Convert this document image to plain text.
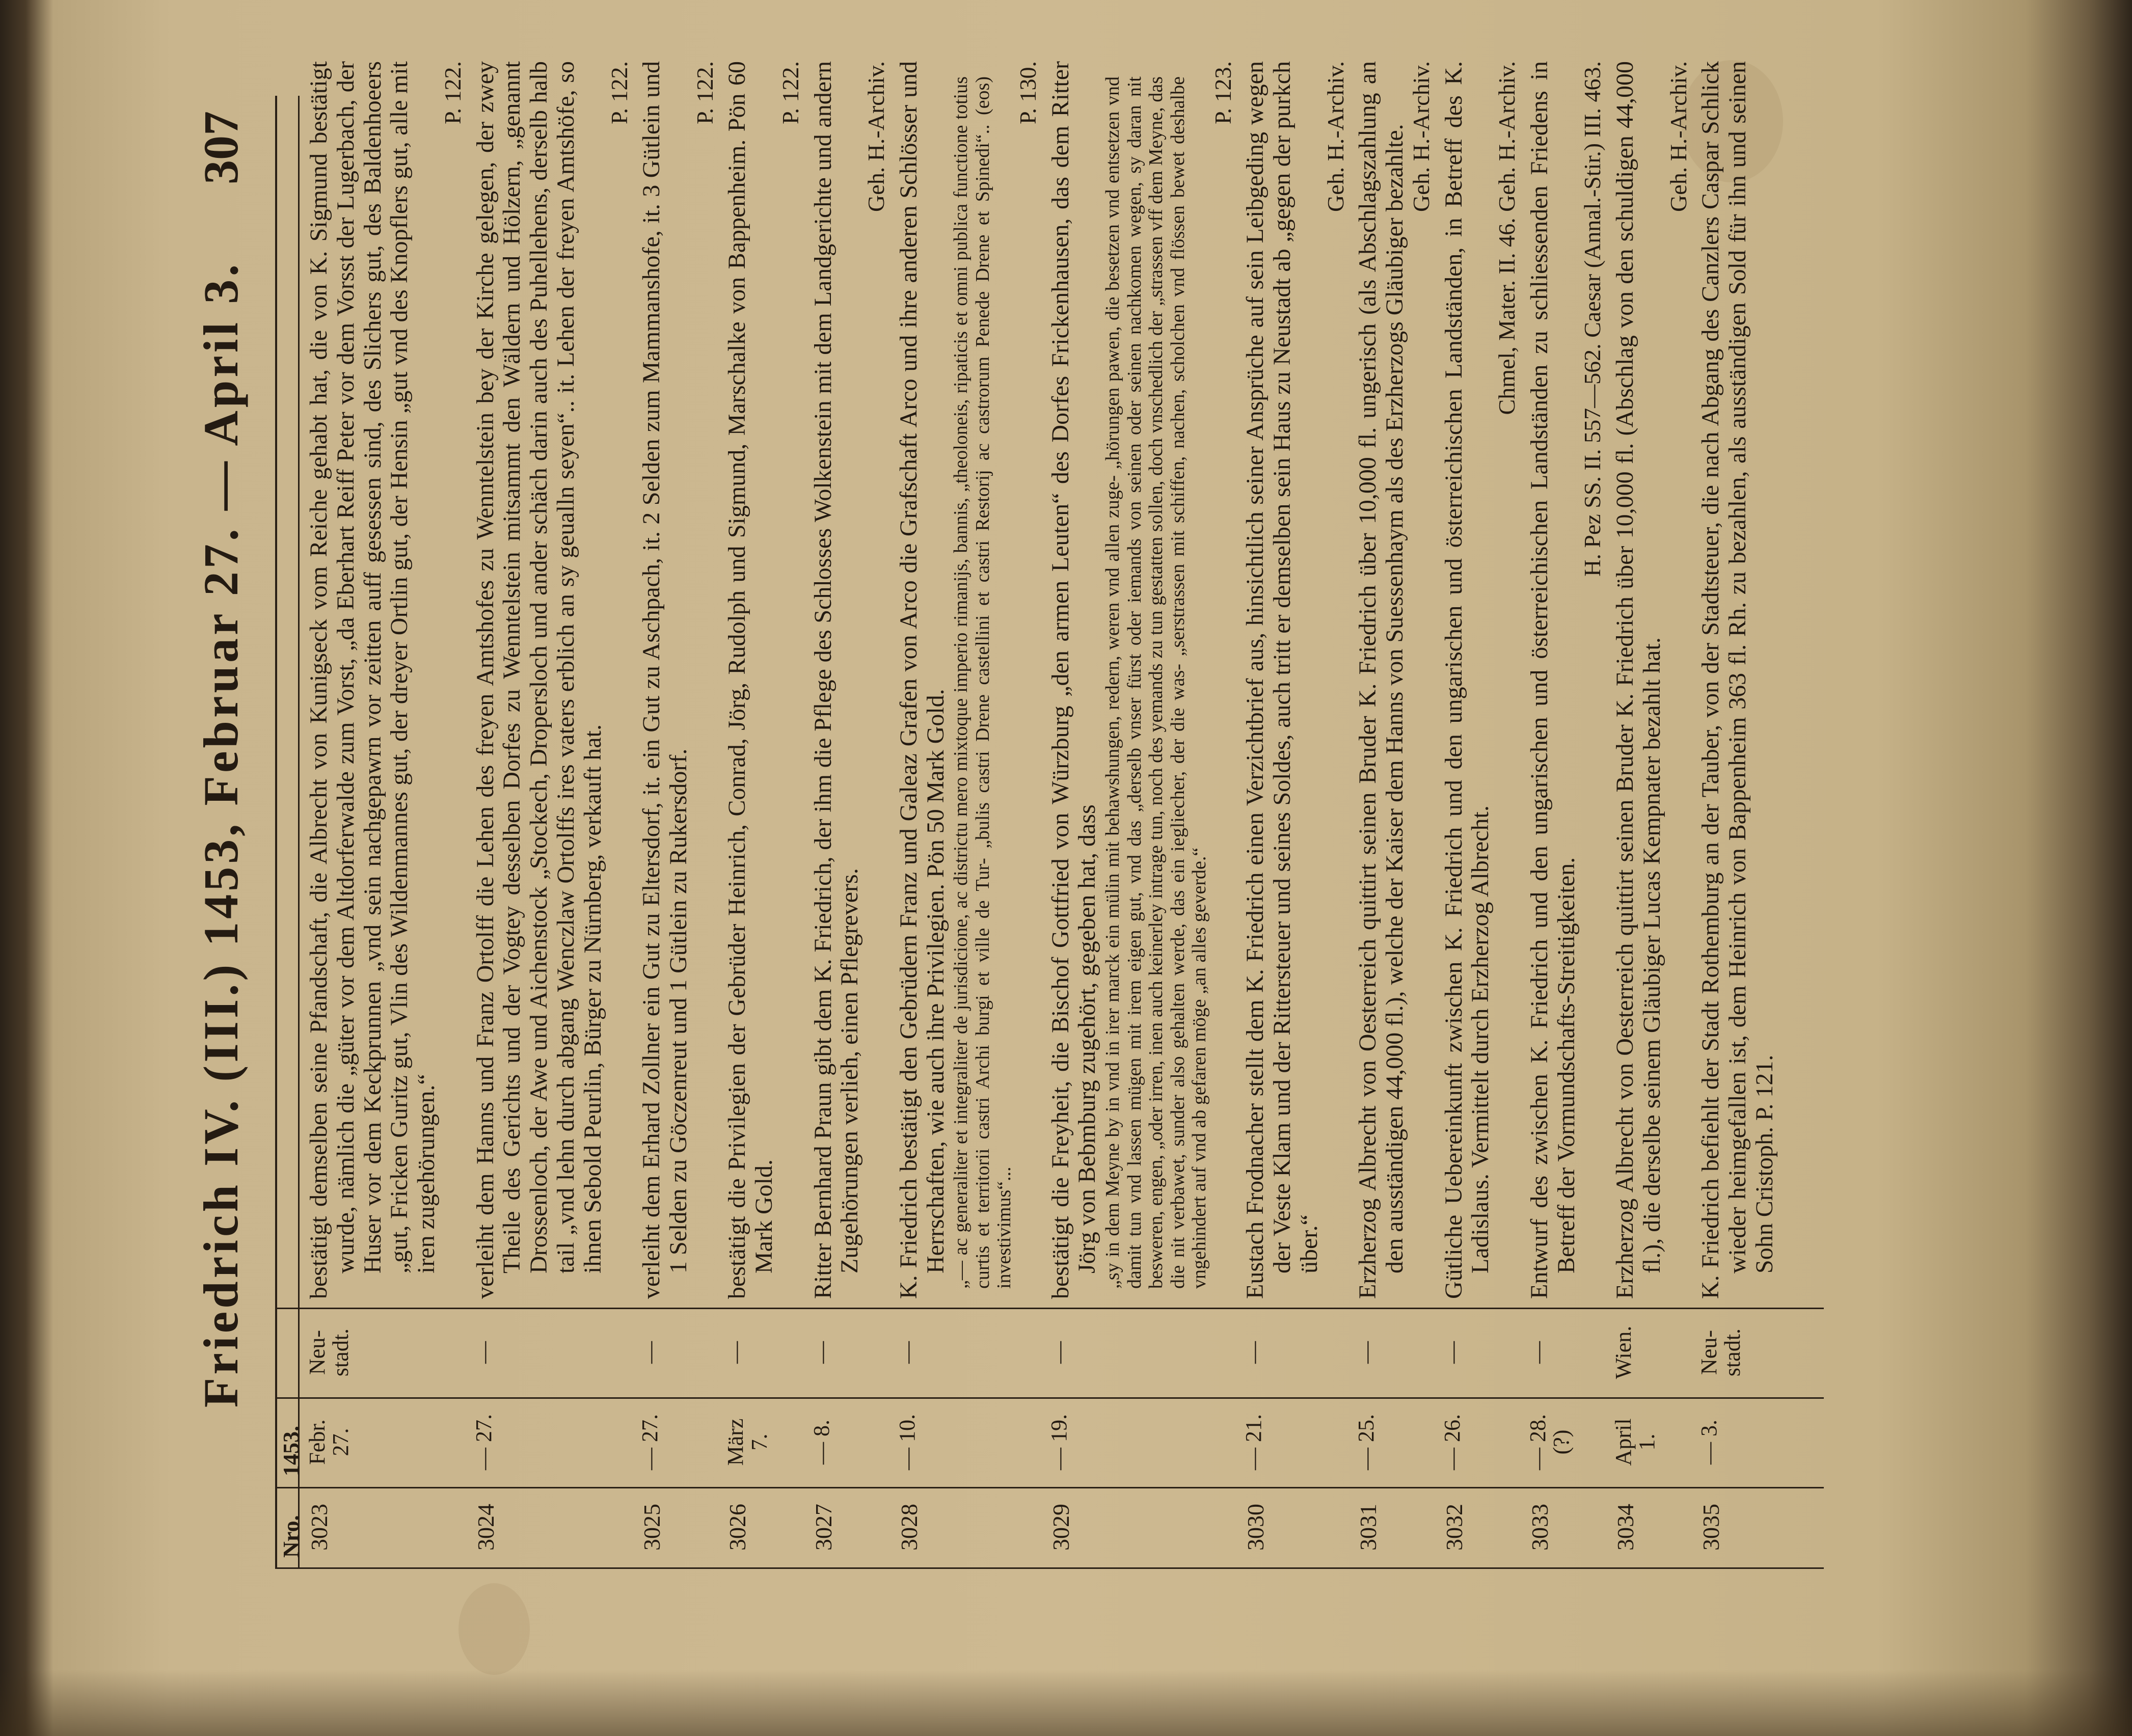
Friedrich IV. (III.) 1453, Februar 27. — April 3.
307
Nro.
1453.
3023
Febr.
27.
Neu-
stadt.
bestätigt demselben seine Pfandschaft, die Albrecht von Kunigseck vom Reiche gehabt hat, die von K. Sigmund bestätigt wurde, nämlich die „güter vor dem Altdorferwalde zum Vorst, „da Eberhart Reiff Peter vor dem Vorsst der Lugerbach, der Huser vor dem Keckprunnen „vnd sein nachgepawrn vor zeitten auff gesessen sind, des Slichers gut, des Baldenhoeers „gut, Fricken Guritz gut, Vlin des Wildenmannes gut, der dreyer Ortlin gut, der Hensin „gut vnd des Knopflers gut, alle mit iren zugehörungen.“
P. 122.
3024
— 27.
—
verleiht dem Hanns und Franz Ortolff die Lehen des freyen Amtshofes zu Wenntelstein bey der Kirche gelegen, der zwey Theile des Gerichts und der Vogtey desselben Dorfes zu Wenntelstein mitsammt den Wäldern und Hölzern, „genannt Drossenloch, der Awe und Aichenstock „Stockech, Dropersloch und ander schäch darin auch des Puhellehens, derselb halb tail „vnd lehn durch abgang Wenczlaw Ortolffs ires vaters erblich an sy geualln seyen“.. it. Lehen der freyen Amtshöfe, so ihnen Sebold Peurlin, Bürger zu Nürnberg, verkauft hat.
P. 122.
3025
— 27.
—
verleiht dem Erhard Zollner ein Gut zu Eltersdorf, it. ein Gut zu Aschpach, it. 2 Selden zum Mammanshofe, it. 3 Gütlein und 1 Selden zu Göczenreut und 1 Gütlein zu Rukersdorf.
P. 122.
3026
März
7.
—
bestätigt die Privilegien der Gebrüder Heinrich, Conrad, Jörg, Rudolph und Sigmund, Marschalke von Bappenheim. Pön 60 Mark Gold.
P. 122.
3027
— 8.
—
Ritter Bernhard Praun gibt dem K. Friedrich, der ihm die Pflege des Schlosses Wolkenstein mit dem Landgerichte und andern Zugehörungen verlieh, einen Pflegrevers.
Geh. H.-Archiv.
3028
— 10.
—
K. Friedrich bestätigt den Gebrüdern Franz und Galeaz Grafen von Arco die Grafschaft Arco und ihre anderen Schlösser und Herrschaften, wie auch ihre Privilegien. Pön 50 Mark Gold. „— ac generaliter et integraliter de jurisdicione, ac districtu mero mixtoque imperio rimanijs, bannis, „theoloneis, ripaticis et omni publica functione totius curtis et territorii castri Archi burgi et ville de Tur- „bulis castri Drene castellini et castri Restorij ac castrorum Penede Drene et Spinedi“.. (eos) investivimus“...
P. 130.
3029
— 19.
—
bestätigt die Freyheit, die Bischof Gottfried von Würzburg „den armen Leuten“ des Dorfes Frickenhausen, das dem Ritter Jörg von Bebmburg zugehört, gegeben hat, dass „sy in dem Meyne by in vnd in irer marck ein mülin mit behawshungen, redern, weren vnd allen zuge- „hörungen pawen, die besetzen vnd entsetzen vnd damit tun vnd lassen mügen mit irem eigen gut, vnd das „derselb vnser fürst oder iemands von seinen oder seinen nachkomen wegen, sy daran nit besweren, engen, „oder irren, inen auch keinerley intrage tun, noch des yemands zu tun gestatten sollen, doch vnschedlich der „strassen vff dem Meyne, das die nit verbawet, sunder also gehalten werde, das ein iegliecher, der die was- „serstrassen mit schiffen, nachen, scholchen vnd flössen bewet deshalbe vngehindert auf vnd ab gefaren möge „an alles geverde.“
P. 123.
3030
— 21.
—
Eustach Frodnacher stellt dem K. Friedrich einen Verzichtbrief aus, hinsichtlich seiner Ansprüche auf sein Leibgeding wegen der Veste Klam und der Rittersteuer und seines Soldes, auch tritt er demselben sein Haus zu Neustadt ab „gegen der purkch über.“
Geh. H.-Archiv.
3031
— 25.
—
Erzherzog Albrecht von Oesterreich quittirt seinen Bruder K. Friedrich über 10,000 fl. ungerisch (als Abschlagszahlung an den ausständigen 44,000 fl.), welche der Kaiser dem Hanns von Suessenhaym als des Erzherzogs Gläubiger bezahlte. Geh. H.-Archiv.
3032
— 26.
—
Gütliche Uebereinkunft zwischen K. Friedrich und den ungarischen und österreichischen Landständen, in Betreff des K. Ladislaus. Vermittelt durch Erzherzog Albrecht.
Chmel, Mater. II. 46. Geh. H.-Archiv.
3033
— 28.
(?)
—
Entwurf des zwischen K. Friedrich und den ungarischen und österreichischen Landständen zu schliessenden Friedens in Betreff der Vormundschafts-Streitigkeiten.
H. Pez SS. II. 557—562. Caesar (Annal.-Stir.) III. 463.
3034
April
1.
Wien.
Erzherzog Albrecht von Oesterreich quittirt seinen Bruder K. Friedrich über 10,000 fl. (Abschlag von den schuldigen 44,000 fl.), die derselbe seinem Gläubiger Lucas Kempnater bezahlt hat.
Geh. H.-Archiv.
3035
— 3.
Neu-
stadt.
K. Friedrich befiehlt der Stadt Rothemburg an der Tauber, von der Stadtsteuer, die nach Abgang des Canzlers Caspar Schlick wieder heimgefallen ist, dem Heinrich von Bappenheim 363 fl. Rh. zu bezahlen, als ausständigen Sold für ihn und seinen Sohn Cristoph. P. 121.
